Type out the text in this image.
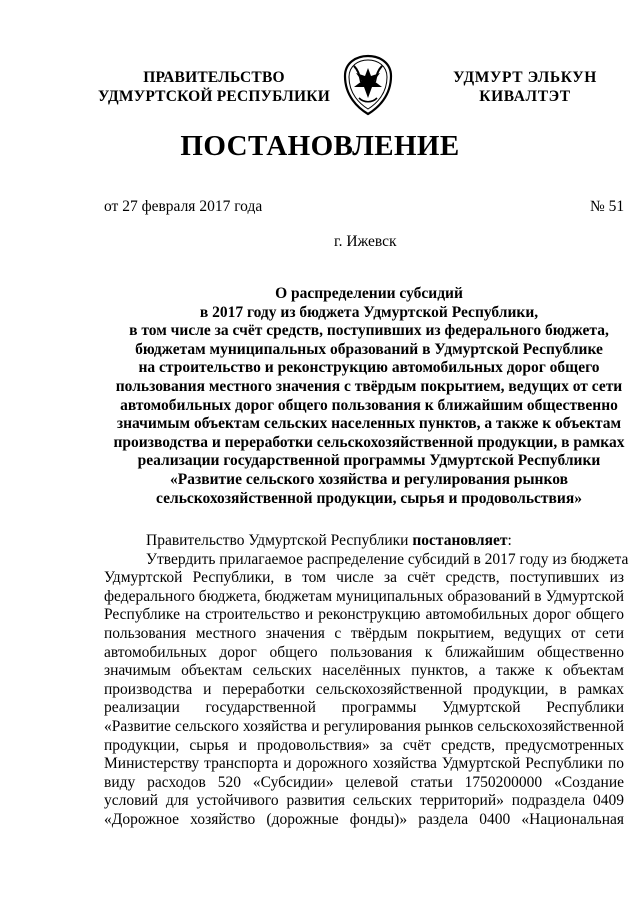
ПРАВИТЕЛЬСТВО
УДМУРТСКОЙ РЕСПУБЛИКИ
УДМУРТ ЭЛЬКУН
КИВАЛТЭТ
ПОСТАНОВЛЕНИЕ
от 27 февраля 2017 года	№ 51
г. Ижевск
О распределении субсидий
в 2017 году из бюджета Удмуртской Республики,
в том числе за счёт средств, поступивших из федерального бюджета,
бюджетам муниципальных образований в Удмуртской Республике
на строительство и реконструкцию автомобильных дорог общего
пользования местного значения с твёрдым покрытием, ведущих от сети
автомобильных дорог общего пользования к ближайшим общественно
значимым объектам сельских населенных пунктов, а также к объектам
производства и переработки сельскохозяйственной продукции, в рамках
реализации государственной программы Удмуртской Республики
«Развитие сельского хозяйства и регулирования рынков
сельскохозяйственной продукции, сырья и продовольствия»
Правительство Удмуртской Республики постановляет:
Утвердить прилагаемое распределение субсидий в 2017 году из бюджета
Удмуртской Республики, в том числе за счёт средств, поступивших из
федерального бюджета, бюджетам муниципальных образований в Удмуртской
Республике на строительство и реконструкцию автомобильных дорог общего
пользования местного значения с твёрдым покрытием, ведущих от сети
автомобильных дорог общего пользования к ближайшим общественно
значимым объектам сельских населённых пунктов, а также к объектам
производства и переработки сельскохозяйственной продукции, в рамках
реализации государственной программы Удмуртской Республики
«Развитие сельского хозяйства и регулирования рынков сельскохозяйственной
продукции, сырья и продовольствия» за счёт средств, предусмотренных
Министерству транспорта и дорожного хозяйства Удмуртской Республики по
виду расходов 520 «Субсидии» целевой статьи 1750200000 «Создание
условий для устойчивого развития сельских территорий» подраздела 0409
«Дорожное хозяйство (дорожные фонды)» раздела 0400 «Национальная
